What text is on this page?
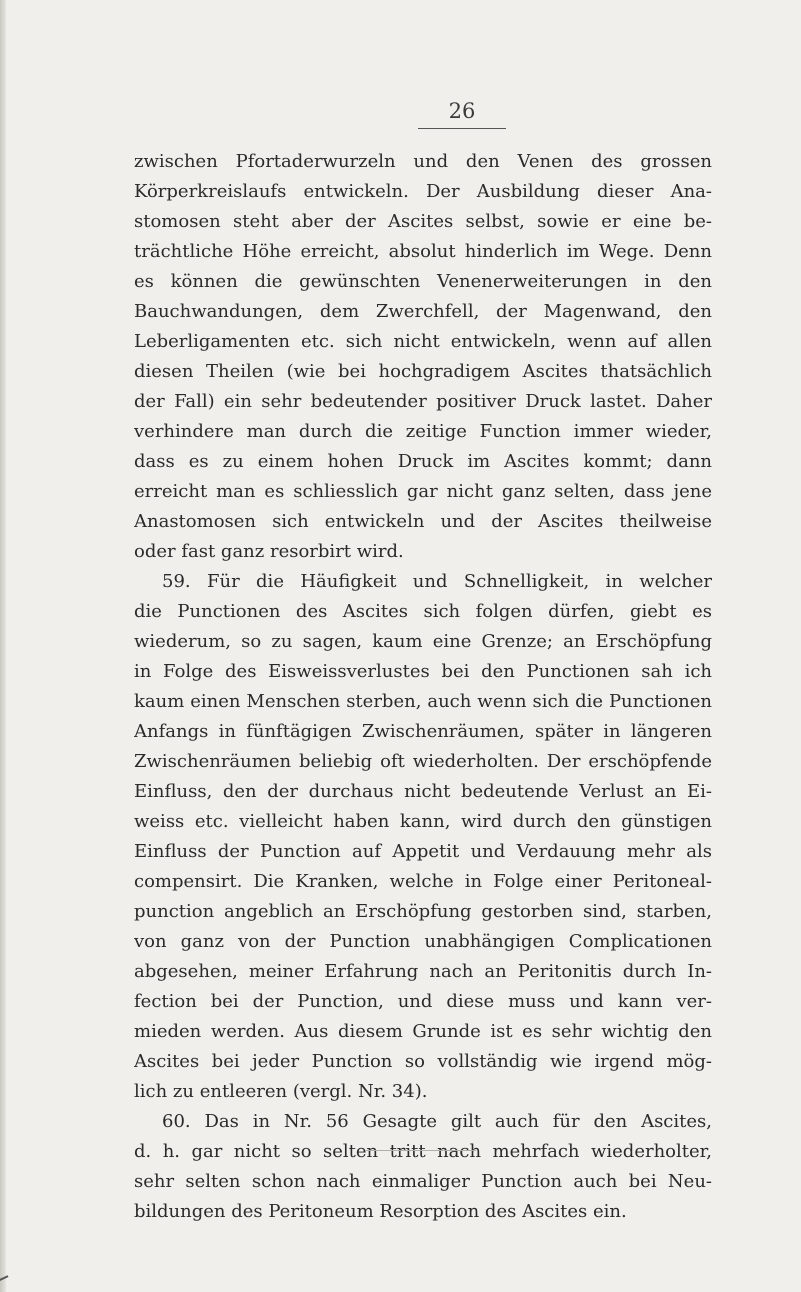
26
zwischen Pfortaderwurzeln und den Venen des grossen
Körperkreislaufs entwickeln. Der Ausbildung dieser Ana-
stomosen steht aber der Ascites selbst, sowie er eine be-
trächtliche Höhe erreicht, absolut hinderlich im Wege. Denn
es können die gewünschten Venenerweiterungen in den
Bauchwandungen, dem Zwerchfell, der Magenwand, den
Leberligamenten etc. sich nicht entwickeln, wenn auf allen
diesen Theilen (wie bei hochgradigem Ascites thatsächlich
der Fall) ein sehr bedeutender positiver Druck lastet. Daher
verhindere man durch die zeitige Function immer wieder,
dass es zu einem hohen Druck im Ascites kommt; dann
erreicht man es schliesslich gar nicht ganz selten, dass jene
Anastomosen sich entwickeln und der Ascites theilweise
oder fast ganz resorbirt wird.
59. Für die Häufigkeit und Schnelligkeit, in welcher
die Punctionen des Ascites sich folgen dürfen, giebt es
wiederum, so zu sagen, kaum eine Grenze; an Erschöpfung
in Folge des Eisweissverlustes bei den Punctionen sah ich
kaum einen Menschen sterben, auch wenn sich die Punctionen
Anfangs in fünftägigen Zwischenräumen, später in längeren
Zwischenräumen beliebig oft wiederholten. Der erschöpfende
Einfluss, den der durchaus nicht bedeutende Verlust an Ei-
weiss etc. vielleicht haben kann, wird durch den günstigen
Einfluss der Punction auf Appetit und Verdauung mehr als
compensirt. Die Kranken, welche in Folge einer Peritoneal-
punction angeblich an Erschöpfung gestorben sind, starben,
von ganz von der Punction unabhängigen Complicationen
abgesehen, meiner Erfahrung nach an Peritonitis durch In-
fection bei der Punction, und diese muss und kann ver-
mieden werden. Aus diesem Grunde ist es sehr wichtig den
Ascites bei jeder Punction so vollständig wie irgend mög-
lich zu entleeren (vergl. Nr. 34).
60. Das in Nr. 56 Gesagte gilt auch für den Ascites,
d. h. gar nicht so selten tritt nach mehrfach wiederholter,
sehr selten schon nach einmaliger Punction auch bei Neu-
bildungen des Peritoneum Resorption des Ascites ein.
